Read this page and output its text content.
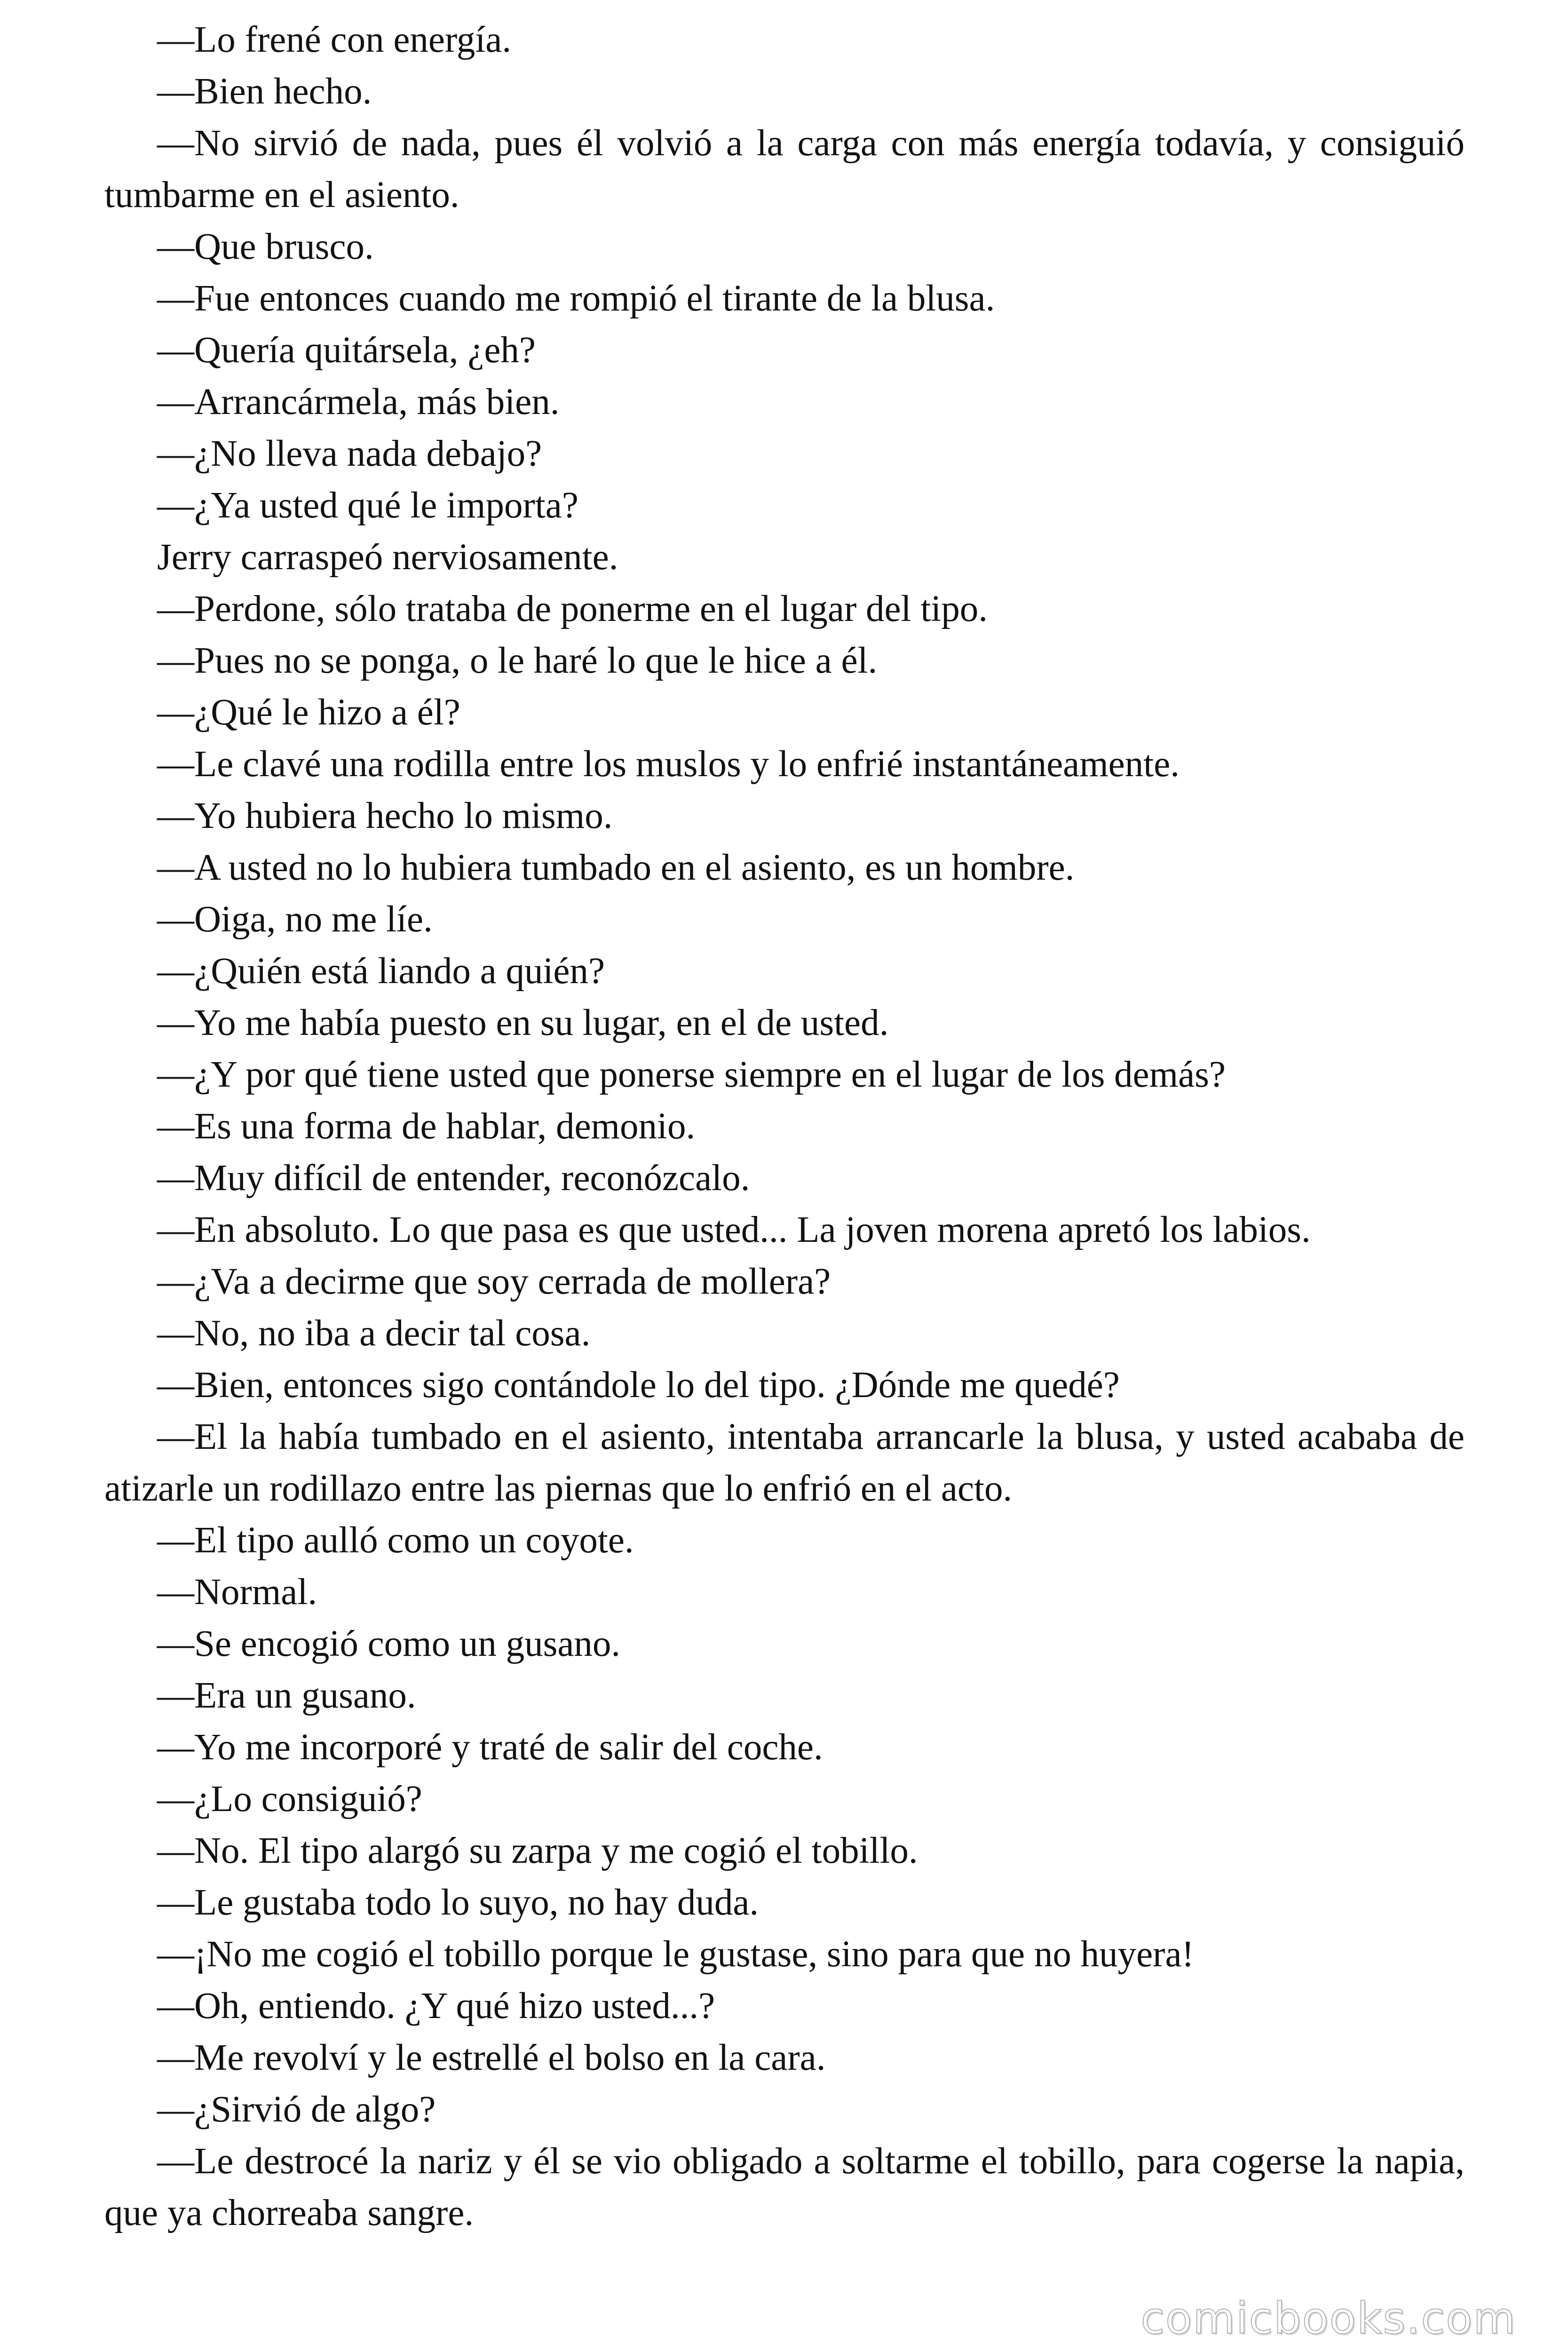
—Lo frené con energía.

—Bien hecho.

—No sirvió de nada, pues él volvió a la carga con más energía todavía, y consiguió tumbarme en el asiento.

—Que brusco.

—Fue entonces cuando me rompió el tirante de la blusa.

—Quería quitársela, ¿eh?

—Arrancármela, más bien.

—¿No lleva nada debajo?

—¿Ya usted qué le importa?

Jerry carraspeó nerviosamente.

—Perdone, sólo trataba de ponerme en el lugar del tipo.

—Pues no se ponga, o le haré lo que le hice a él.

—¿Qué le hizo a él?

—Le clavé una rodilla entre los muslos y lo enfrié instantáneamente.

—Yo hubiera hecho lo mismo.

—A usted no lo hubiera tumbado en el asiento, es un hombre.

—Oiga, no me líe.

—¿Quién está liando a quién?

—Yo me había puesto en su lugar, en el de usted.

—¿Y por qué tiene usted que ponerse siempre en el lugar de los demás?

—Es una forma de hablar, demonio.

—Muy difícil de entender, reconózcalo.

—En absoluto. Lo que pasa es que usted... La joven morena apretó los labios.

—¿Va a decirme que soy cerrada de mollera?

—No, no iba a decir tal cosa.

—Bien, entonces sigo contándole lo del tipo. ¿Dónde me quedé?

—El la había tumbado en el asiento, intentaba arrancarle la blusa, y usted acababa de atizarle un rodillazo entre las piernas que lo enfrió en el acto.

—El tipo aulló como un coyote.

—Normal.

—Se encogió como un gusano.

—Era un gusano.

—Yo me incorporé y traté de salir del coche.

—¿Lo consiguió?

—No. El tipo alargó su zarpa y me cogió el tobillo.

—Le gustaba todo lo suyo, no hay duda.

—¡No me cogió el tobillo porque le gustase, sino para que no huyera!

—Oh, entiendo. ¿Y qué hizo usted...?

—Me revolví y le estrellé el bolso en la cara.

—¿Sirvió de algo?

—Le destrocé la nariz y él se vio obligado a soltarme el tobillo, para cogerse la napia, que ya chorreaba sangre.

comicbooks.com
